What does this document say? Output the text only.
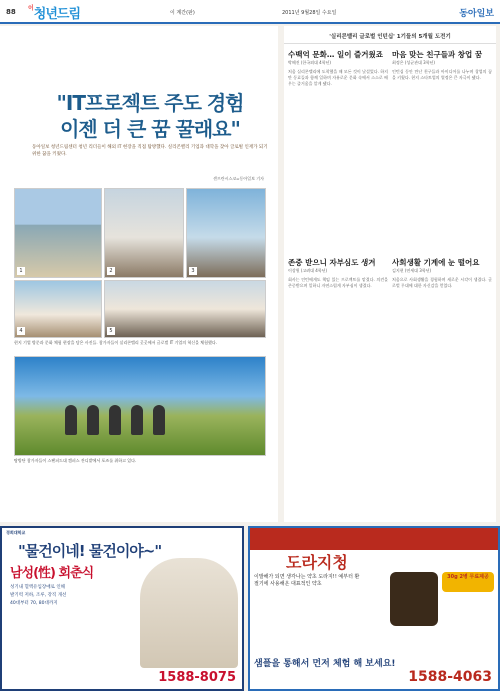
88 $^이$청년드림	이 계간(판)	2011년 9월28일 수요일	동아일보
"IT프로젝트 주도 경험
이젠 더 큰 꿈 꿀래요"
동아일보 청년드림센터 청년 리더들이 해외 IT 현장을 직접 탐방했다. 실리콘밸리 기업과 대학을 찾아 글로벌 인재가 되기 위한 꿈을 키웠다.
샌프란시스코=동아일보 기자
1	2	3
4	5
현지 기업 방문과 문화 체험 현장을 담은 사진들. 참가자들이 실리콘밸리 곳곳에서 글로벌 IT 기업의 혁신을 체험했다.
탐방단 참가자들이 스탠퍼드대 캠퍼스 잔디밭에서 포즈를 취하고 있다.
'실리콘밸리 글로벌 인턴십' 1기들의 5개월 도전기
수백억 문화… 일이 즐거웠죠
박해진 (한국외대 4학년)

처음 실리콘밸리에 도착했을 때 모든 것이 낯설었다. 하지만 동료들과 함께 일하며 자유로운 문화 속에서 스스로 배우는 즐거움을 알게 됐다.

마음 맞는 친구들과 창업 꿈
최정은 (성균관대 3학년)

인턴십 동안 만난 친구들과 아이디어를 나누며 창업의 꿈을 키웠다. 현지 스타트업의 열정은 큰 자극이 됐다.

존중 받으니 자부심도 생겨
이상원 (고려대 4학년)

회사는 인턴에게도 책임 있는 프로젝트를 맡겼다. 의견을 존중받으며 일하니 자연스럽게 자부심이 생겼다.

사회생활 기계에 눈 떨어요
김지현 (연세대 3학년)

처음으로 사회생활을 경험하며 새로운 시각이 생겼다. 글로벌 무대에 대한 자신감을 얻었다.

경희대학교
"물건이네! 물건이야~"
남성(性) 회춘식
성기내 혈액유입장애로 인해
발기력 저하, 조루, 강직 개선
40대부터 70, 80대까지
1588-8075
도라지청
이발해가 되면 생각나는 약초 도라지!! 예부터 환절기에 사용해온 대표적인 약초
30g 2병 무료제공
샘플을 통해서 먼저 체험 해 보세요!
1588-4063
